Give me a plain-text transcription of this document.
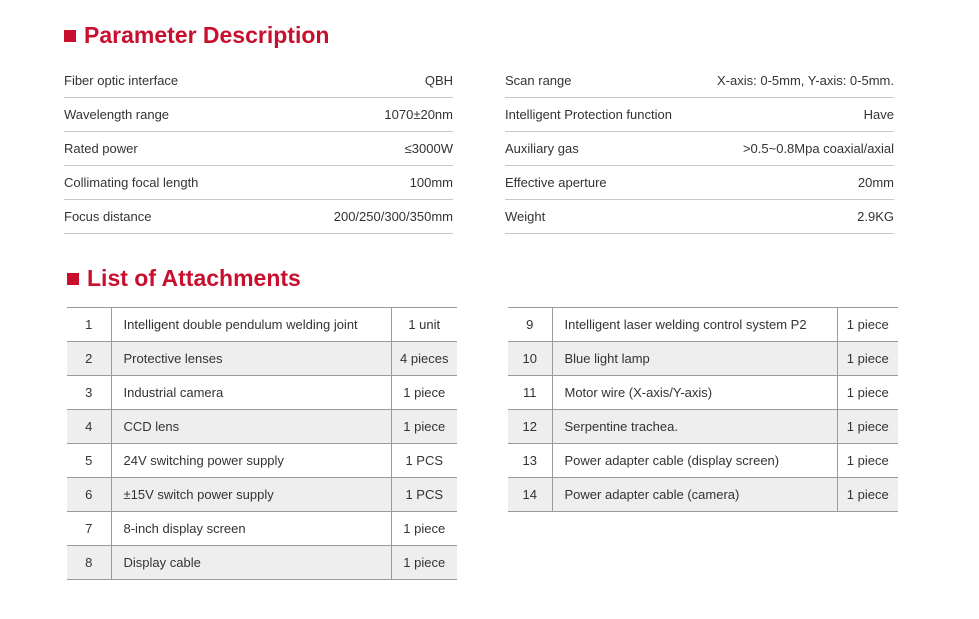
Parameter Description
Fiber optic interface	QBH
Wavelength range	1070±20nm
Rated power	≤3000W
Collimating focal length	100mm
Focus distance	200/250/300/350mm
Scan range	X-axis: 0-5mm, Y-axis: 0-5mm.
Intelligent Protection function	Have
Auxiliary gas	>0.5~0.8Mpa coaxial/axial
Effective aperture	20mm
Weight	2.9KG
List of Attachments
1	Intelligent double pendulum welding joint	1 unit
2	Protective lenses	4 pieces
3	Industrial camera	1 piece
4	CCD lens	1 piece
5	24V switching power supply	1 PCS
6	±15V switch power supply	1 PCS
7	8-inch display screen	1 piece
8	Display cable	1 piece
9	Intelligent laser welding control system P2	1 piece
10	Blue light lamp	1 piece
11	Motor wire (X-axis/Y-axis)	1 piece
12	Serpentine trachea.	1 piece
13	Power adapter cable (display screen)	1 piece
14	Power adapter cable (camera)	1 piece
